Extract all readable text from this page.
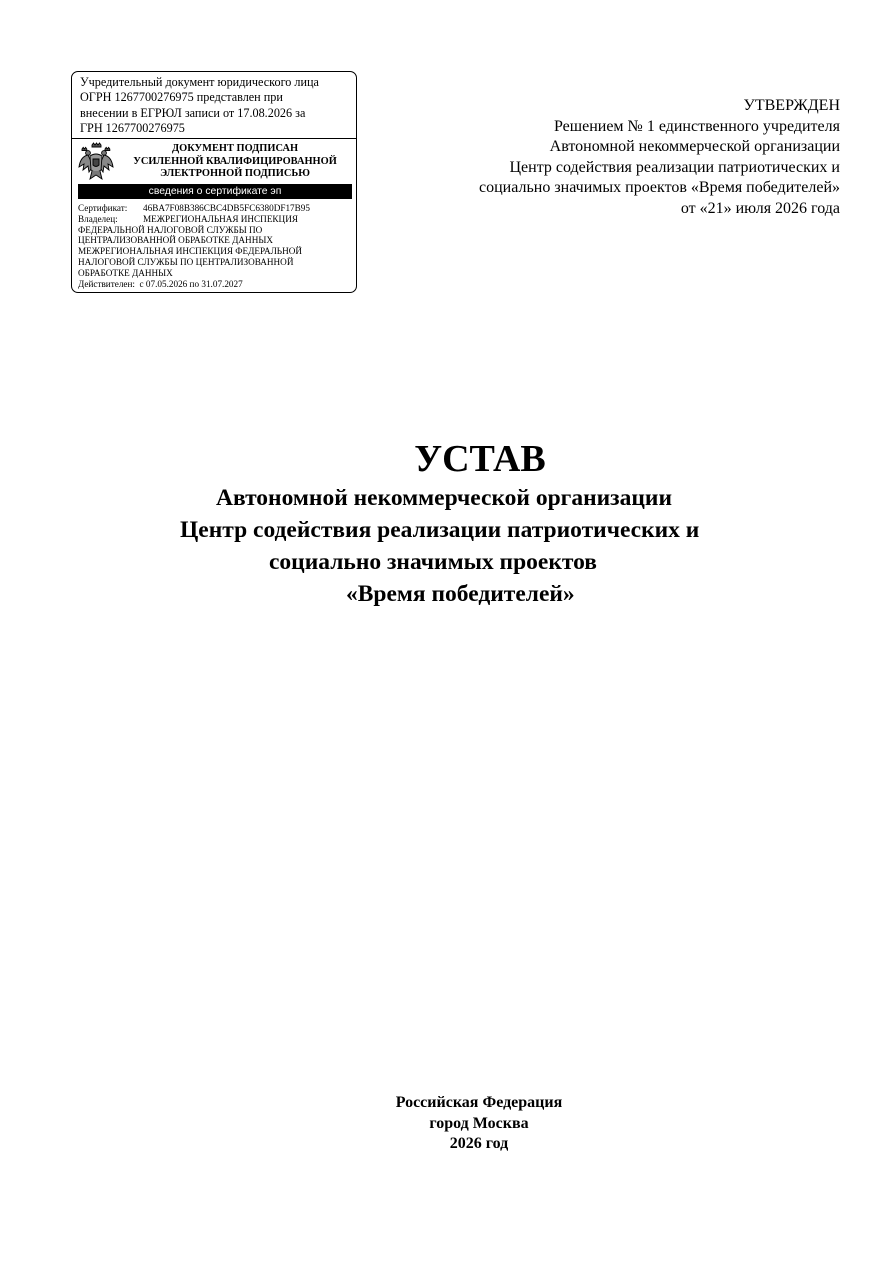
Учредительный документ юридического лица
ОГРН 1267700276975 представлен при
внесении в ЕГРЮЛ записи от 17.08.2026 за
ГРН 1267700276975
ДОКУМЕНТ ПОДПИСАН
УСИЛЕННОЙ КВАЛИФИЦИРОВАННОЙ
ЭЛЕКТРОННОЙ ПОДПИСЬЮ
сведения о сертификате эп
Сертификат: 46BA7F08B386CBC4DB5FC6380DF17B95
Владелец:	МЕЖРЕГИОНАЛЬНАЯ ИНСПЕКЦИЯ
ФЕДЕРАЛЬНОЙ НАЛОГОВОЙ СЛУЖБЫ ПО
ЦЕНТРАЛИЗОВАННОЙ ОБРАБОТКЕ ДАННЫХ
МЕЖРЕГИОНАЛЬНАЯ ИНСПЕКЦИЯ ФЕДЕРАЛЬНОЙ
НАЛОГОВОЙ СЛУЖБЫ ПО ЦЕНТРАЛИЗОВАННОЙ
ОБРАБОТКЕ ДАННЫХ
Действителен: с 07.05.2026 по 31.07.2027
УТВЕРЖДЕН
Решением № 1 единственного учредителя
Автономной некоммерческой организации
Центр содействия реализации патриотических и
социально значимых проектов «Время победителей»
от «21» июля 2026 года
УСТАВ
Автономной некоммерческой организации
Центр содействия реализации патриотических и
социально значимых проектов
«Время победителей»
Российская Федерация
город Москва
2026 год
